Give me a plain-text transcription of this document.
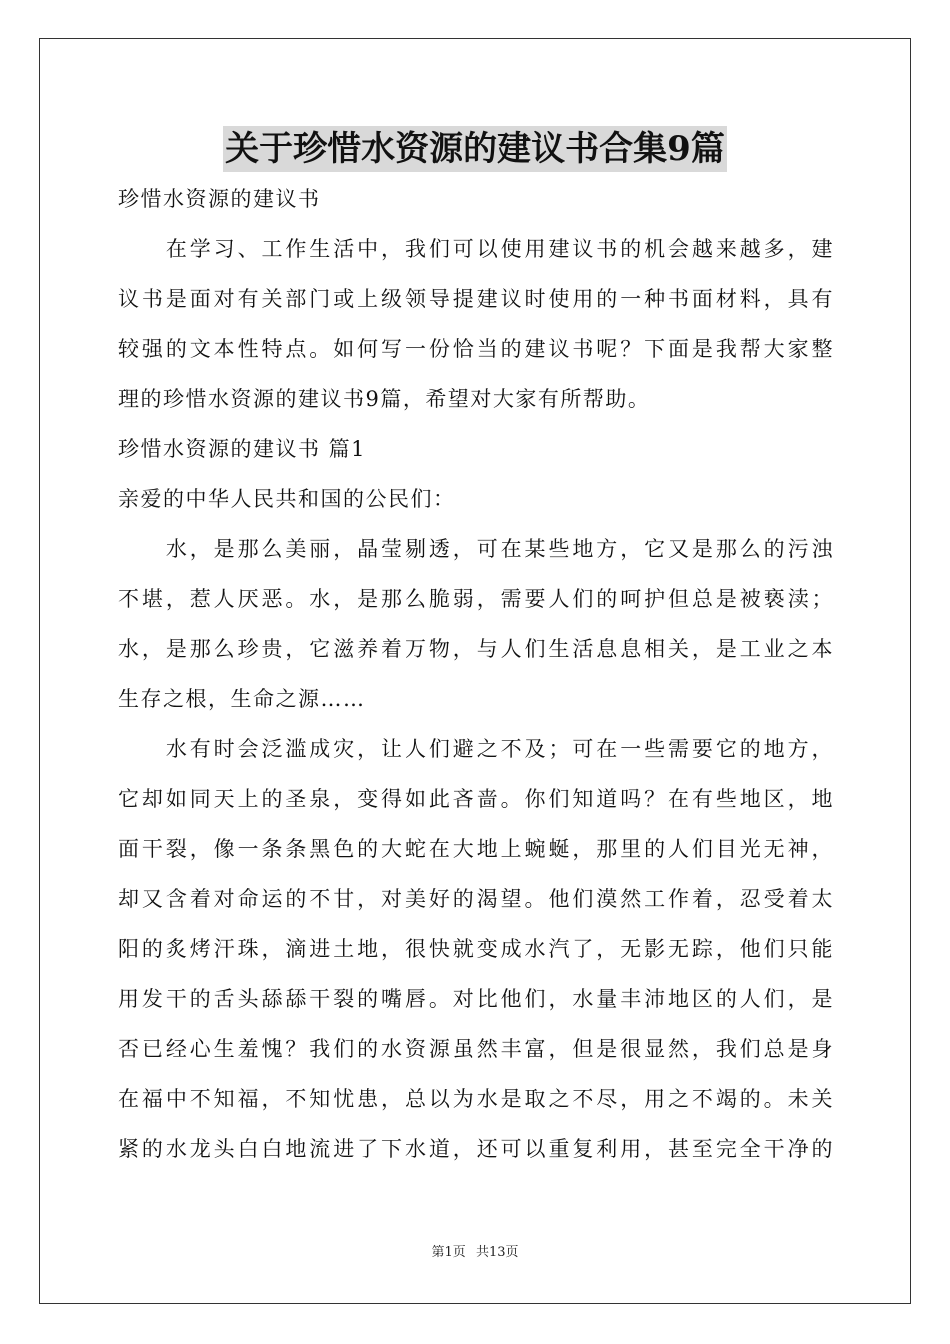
关于珍惜水资源的建议书合集9篇
珍惜水资源的建议书
　　在学习、工作生活中，我们可以使用建议书的机会越来越多，建
议书是面对有关部门或上级领导提建议时使用的一种书面材料，具有
较强的文本性特点。如何写一份恰当的建议书呢？下面是我帮大家整
理的珍惜水资源的建议书9篇，希望对大家有所帮助。
珍惜水资源的建议书 篇1
亲爱的中华人民共和国的公民们：
　　水，是那么美丽，晶莹剔透，可在某些地方，它又是那么的污浊
不堪，惹人厌恶。水，是那么脆弱，需要人们的呵护但总是被亵渎；
水，是那么珍贵，它滋养着万物，与人们生活息息相关，是工业之本
生存之根，生命之源……
　　水有时会泛滥成灾，让人们避之不及；可在一些需要它的地方，
它却如同天上的圣泉，变得如此吝啬。你们知道吗？在有些地区，地
面干裂，像一条条黑色的大蛇在大地上蜿蜒，那里的人们目光无神，
却又含着对命运的不甘，对美好的渴望。他们漠然工作着，忍受着太
阳的炙烤汗珠，滴进土地，很快就变成水汽了，无影无踪，他们只能
用发干的舌头舔舔干裂的嘴唇。对比他们，水量丰沛地区的人们，是
否已经心生羞愧？我们的水资源虽然丰富，但是很显然，我们总是身
在福中不知福，不知忧患，总以为水是取之不尽，用之不竭的。未关
紧的水龙头白白地流进了下水道，还可以重复利用，甚至完全干净的
第1页 共13页
